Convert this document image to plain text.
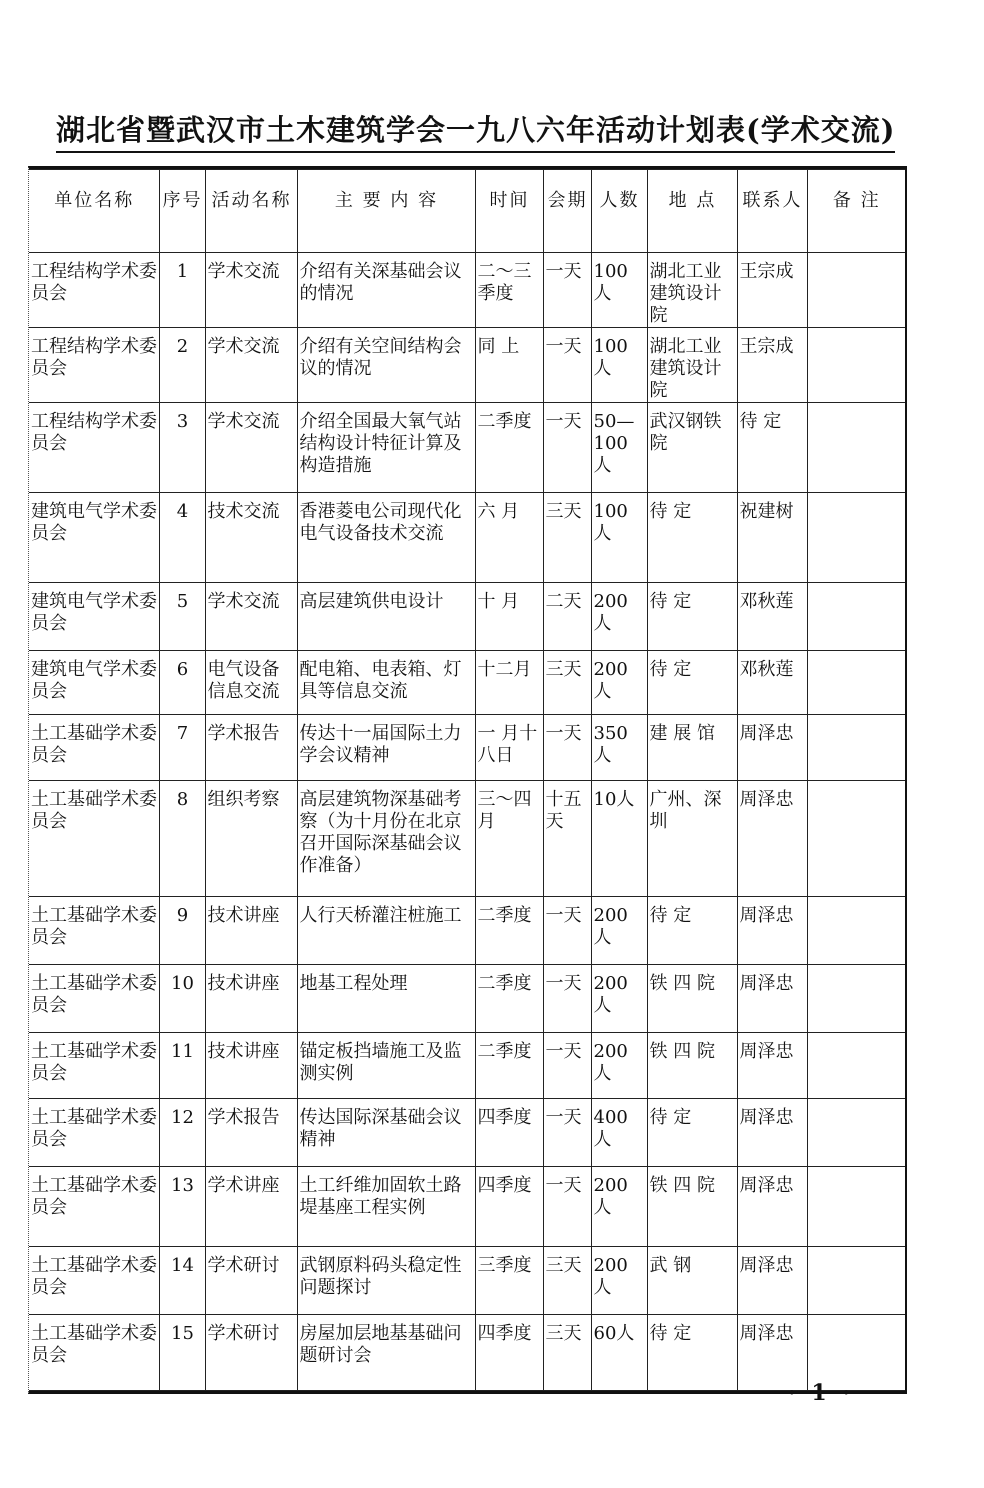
湖北省暨武汉市土木建筑学会一九八六年活动计划表(学术交流)
单位名称	序号	活动名称	主 要 内 容	时间	会期	人数	地 点	联系人	备 注
工程结构学术委员会	1	学术交流	介绍有关深基础会议的情况	二～三季度	一天	100人	湖北工业建筑设计院	王宗成	
工程结构学术委员会	2	学术交流	介绍有关空间结构会议的情况	同 上	一天	100人	湖北工业建筑设计院	王宗成	
工程结构学术委员会	3	学术交流	介绍全国最大氧气站结构设计特征计算及构造措施	二季度	一天	50—100人	武汉钢铁院	待 定	
建筑电气学术委员会	4	技术交流	香港菱电公司现代化电气设备技术交流	六 月	三天	100人	待 定	祝建树	
建筑电气学术委员会	5	学术交流	高层建筑供电设计	十 月	二天	200人	待 定	邓秋莲	
建筑电气学术委员会	6	电气设备信息交流	配电箱、电表箱、灯具等信息交流	十二月	三天	200人	待 定	邓秋莲	
土工基础学术委员会	7	学术报告	传达十一届国际土力学会议精神	一 月十八日	一天	350人	建 展 馆	周泽忠	
土工基础学术委员会	8	组织考察	高层建筑物深基础考察（为十月份在北京召开国际深基础会议作准备）	三～四月	十五天	10人	广州、深圳	周泽忠	
土工基础学术委员会	9	技术讲座	人行天桥灌注桩施工	二季度	一天	200人	待 定	周泽忠	
土工基础学术委员会	10	技术讲座	地基工程处理	二季度	一天	200人	铁 四 院	周泽忠	
土工基础学术委员会	11	技术讲座	锚定板挡墙施工及监测实例	二季度	一天	200人	铁 四 院	周泽忠	
土工基础学术委员会	12	学术报告	传达国际深基础会议精神	四季度	一天	400人	待 定	周泽忠	
土工基础学术委员会	13	学术讲座	土工纤维加固软土路堤基座工程实例	四季度	一天	200人	铁 四 院	周泽忠	
土工基础学术委员会	14	学术研讨	武钢原料码头稳定性问题探讨	三季度	三天	200人	武 钢	周泽忠	
土工基础学术委员会	15	学术研讨	房屋加层地基基础问题研讨会	四季度	三天	60人	待 定	周泽忠	
· 1 ·
